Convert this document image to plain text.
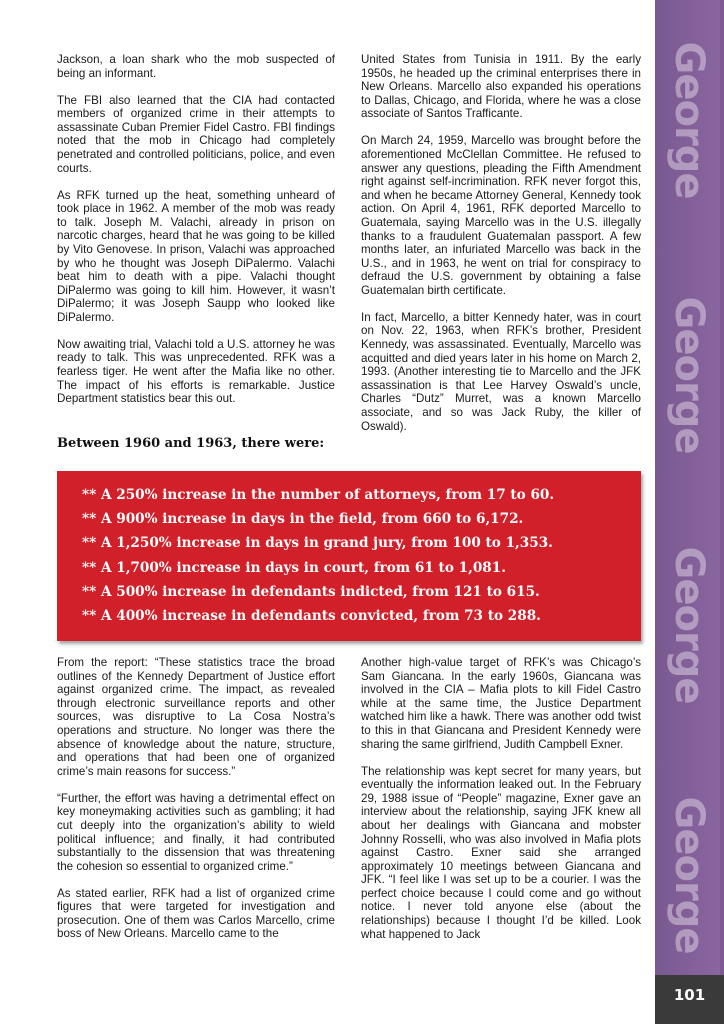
Jackson, a loan shark who the mob suspected of being an informant.

The FBI also learned that the CIA had contacted members of organized crime in their attempts to assassinate Cuban Premier Fidel Castro. FBI findings noted that the mob in Chicago had completely penetrated and controlled politicians, police, and even courts.

As RFK turned up the heat, something unheard of took place in 1962. A member of the mob was ready to talk. Joseph M. Valachi, already in prison on narcotic charges, heard that he was going to be killed by Vito Genovese. In prison, Valachi was approached by who he thought was Joseph DiPalermo. Valachi beat him to death with a pipe. Valachi thought DiPalermo was going to kill him. However, it wasn’t DiPalermo; it was Joseph Saupp who looked like DiPalermo.

Now awaiting trial, Valachi told a U.S. attorney he was ready to talk. This was unprecedented. RFK was a fearless tiger. He went after the Mafia like no other. The impact of his efforts is remarkable. Justice Department statistics bear this out.

Between 1960 and 1963, there were:

United States from Tunisia in 1911. By the early 1950s, he headed up the criminal enterprises there in New Orleans. Marcello also expanded his operations to Dallas, Chicago, and Florida, where he was a close associate of Santos Trafficante.

On March 24, 1959, Marcello was brought before the aforementioned McClellan Committee. He refused to answer any questions, pleading the Fifth Amendment right against self-incrimination. RFK never forgot this, and when he became Attorney General, Kennedy took action. On April 4, 1961, RFK deported Marcello to Guatemala, saying Marcello was in the U.S. illegally thanks to a fraudulent Guatemalan passport. A few months later, an infuriated Marcello was back in the U.S., and in 1963, he went on trial for conspiracy to defraud the U.S. government by obtaining a false Guatemalan birth certificate.

In fact, Marcello, a bitter Kennedy hater, was in court on Nov. 22, 1963, when RFK’s brother, President Kennedy, was assassinated. Eventually, Marcello was acquitted and died years later in his home on March 2, 1993. (Another interesting tie to Marcello and the JFK assassination is that Lee Harvey Oswald’s uncle, Charles “Dutz” Murret, was a known Marcello associate, and so was Jack Ruby, the killer of Oswald).

** A 250% increase in the number of attorneys, from 17 to 60.
** A 900% increase in days in the field, from 660 to 6,172.
** A 1,250% increase in days in grand jury, from 100 to 1,353.
** A 1,700% increase in days in court, from 61 to 1,081.
** A 500% increase in defendants indicted, from 121 to 615.
** A 400% increase in defendants convicted, from 73 to 288.

From the report: “These statistics trace the broad outlines of the Kennedy Department of Justice effort against organized crime. The impact, as revealed through electronic surveillance reports and other sources, was disruptive to La Cosa Nostra’s operations and structure. No longer was there the absence of knowledge about the nature, structure, and operations that had been one of organized crime’s main reasons for success.”

“Further, the effort was having a detrimental effect on key moneymaking activities such as gambling; it had cut deeply into the organization’s ability to wield political influence; and finally, it had contributed substantially to the dissension that was threatening the cohesion so essential to organized crime.”

As stated earlier, RFK had a list of organized crime figures that were targeted for investigation and prosecution. One of them was Carlos Marcello, crime boss of New Orleans. Marcello came to the

Another high-value target of RFK’s was Chicago’s Sam Giancana. In the early 1960s, Giancana was involved in the CIA – Mafia plots to kill Fidel Castro while at the same time, the Justice Department watched him like a hawk. There was another odd twist to this in that Giancana and President Kennedy were sharing the same girlfriend, Judith Campbell Exner.

The relationship was kept secret for many years, but eventually the information leaked out. In the February 29, 1988 issue of “People” magazine, Exner gave an interview about the relationship, saying JFK knew all about her dealings with Giancana and mobster Johnny Rosselli, who was also involved in Mafia plots against Castro. Exner said she arranged approximately 10 meetings between Giancana and JFK. “I feel like I was set up to be a courier. I was the perfect choice because I could come and go without notice. I never told anyone else (about the relationships) because I thought I’d be killed. Look what happened to Jack

George
George
George
George
101
